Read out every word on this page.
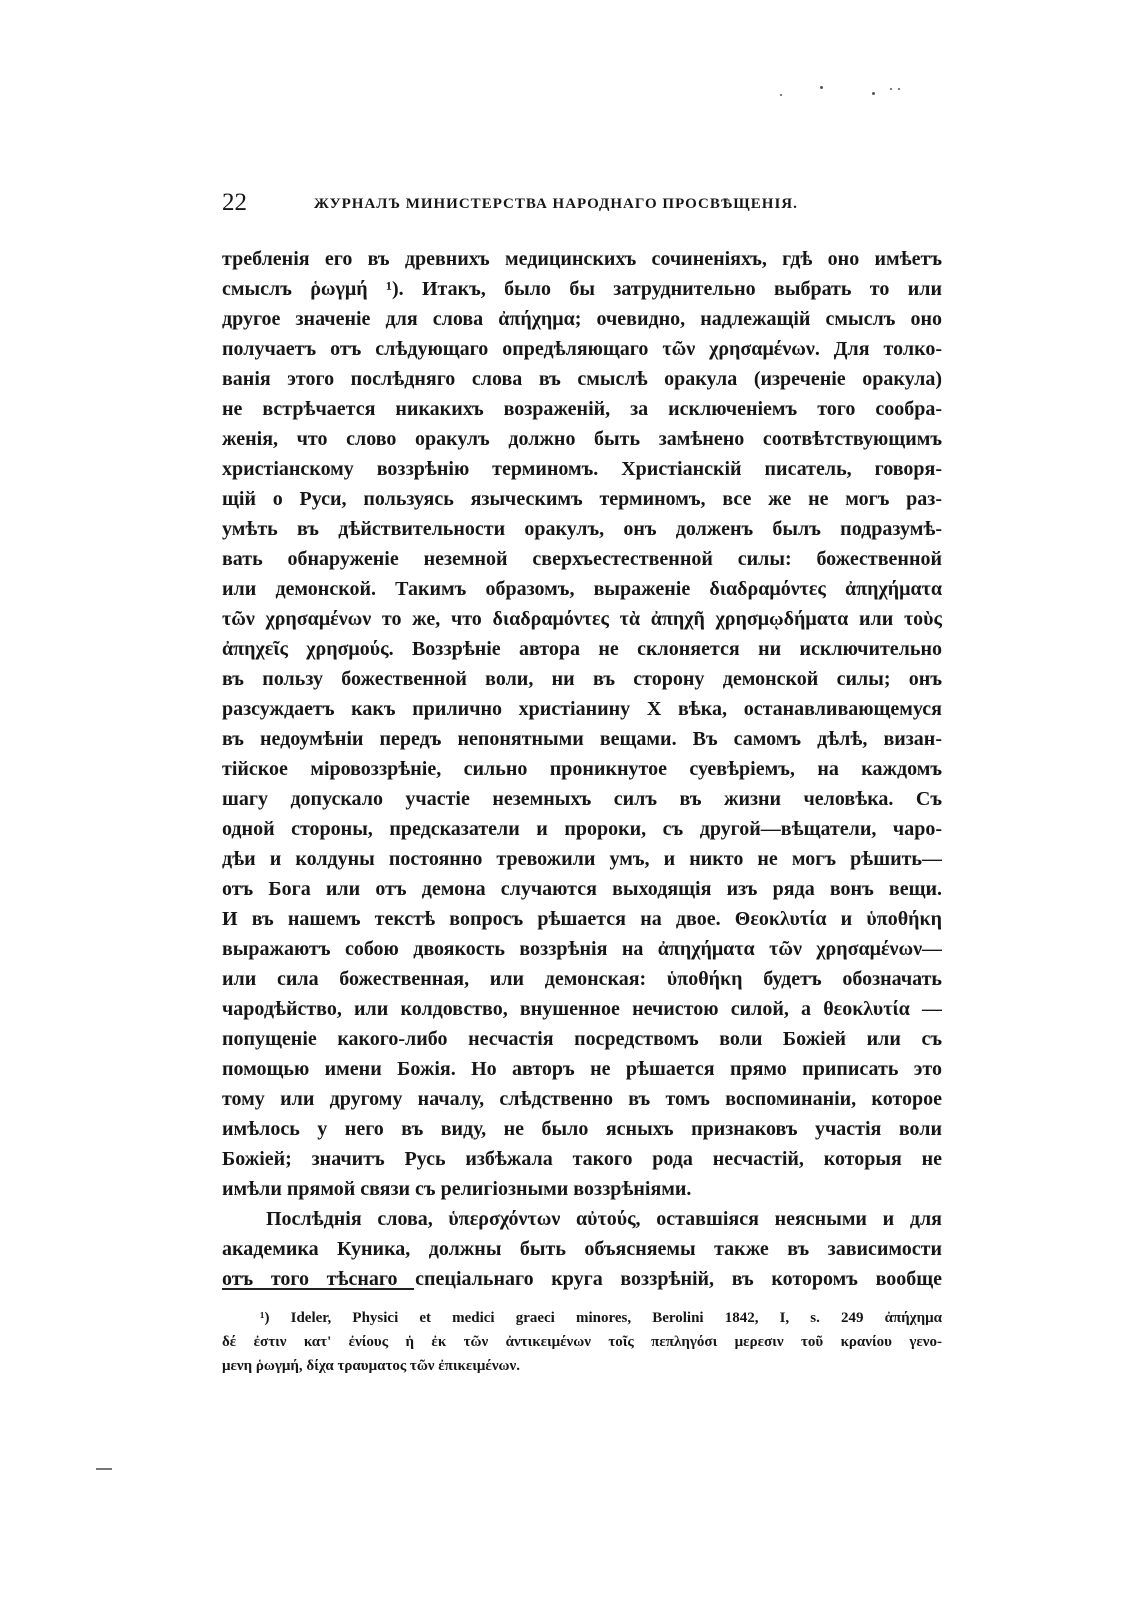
22	ЖУРНАЛЪ МИНИСТЕРСТВА НАРОДНАГО ПРОСВѢЩЕНІЯ.
требленія его въ древнихъ медицинскихъ сочиненіяхъ, гдѣ оно имѣетъ
смыслъ ῥωγμή ¹). Итакъ, было бы затруднительно выбрать то или
другое значеніе для слова ἀπήχημα; очевидно, надлежащій смыслъ оно
получаетъ отъ слѣдующаго опредѣляющаго τῶν χρησαμένων. Для толко-
ванія этого послѣдняго слова въ смыслѣ оракула (изреченіе оракула)
не встрѣчается никакихъ возраженій, за исключеніемъ того сообра-
женія, что слово оракулъ должно быть замѣнено соотвѣтствующимъ
христіанскому воззрѣнію терминомъ. Христіанскій писатель, говоря-
щій о Руси, пользуясь языческимъ терминомъ, все же не могъ раз-
умѣть въ дѣйствительности оракулъ, онъ долженъ былъ подразумѣ-
вать обнаруженіе неземной сверхъестественной силы: божественной
или демонской. Такимъ образомъ, выраженіе διαδραμόντες ἀπηχήματα
τῶν χρησαμένων то же, что διαδραμόντες τὰ ἀπηχῆ χρησμῳδήματα или τοὺς
ἀπηχεῖς χρησμούς. Воззрѣніе автора не склоняется ни исключительно
въ пользу божественной воли, ни въ сторону демонской силы; онъ
разсуждаетъ какъ прилично христіанину X вѣка, останавливающемуся
въ недоумѣніи передъ непонятными вещами. Въ самомъ дѣлѣ, визан-
тійское міровоззрѣніе, сильно проникнутое суевѣріемъ, на каждомъ
шагу допускало участіе неземныхъ силъ въ жизни человѣка. Съ
одной стороны, предсказатели и пророки, съ другой—вѣщатели, чаро-
дѣи и колдуны постоянно тревожили умъ, и никто не могъ рѣшить—
отъ Бога или отъ демона случаются выходящія изъ ряда вонъ вещи.
И въ нашемъ текстѣ вопросъ рѣшается на двое. Θεοκλυτία и ὑποθήκη
выражаютъ собою двоякость воззрѣнія на ἀπηχήματα τῶν χρησαμένων—
или сила божественная, или демонская: ὑποθήκη будетъ обозначать
чародѣйство, или колдовство, внушенное нечистою силой, а θεοκλυτία —
попущеніе какого-либо несчастія посредствомъ воли Божіей или съ
помощью имени Божія. Но авторъ не рѣшается прямо приписать это
тому или другому началу, слѣдственно въ томъ воспоминаніи, которое
имѣлось у него въ виду, не было ясныхъ признаковъ участія воли
Божіей; значитъ Русь избѣжала такого рода несчастій, которыя не
имѣли прямой связи съ религіозными воззрѣніями.
Послѣднія слова, ὑπερσχόντων αὐτούς, оставшіяся неясными и для
академика Куника, должны быть объясняемы также въ зависимости
отъ того тѣснаго спеціальнаго круга воззрѣній, въ которомъ вообще
¹) Ideler, Physici et medici graeci minores, Berolini 1842, I, s. 249 ἀπήχημα
δέ ἐστιν κατ' ἐνίους ἡ ἐκ τῶν ἀντικειμένων τοῖς πεπληγόσι μερεσιν τοῦ κρανίου γενο-
μενη ῥωγμή, δίχα τραυματος τῶν ἐπικειμένων.
